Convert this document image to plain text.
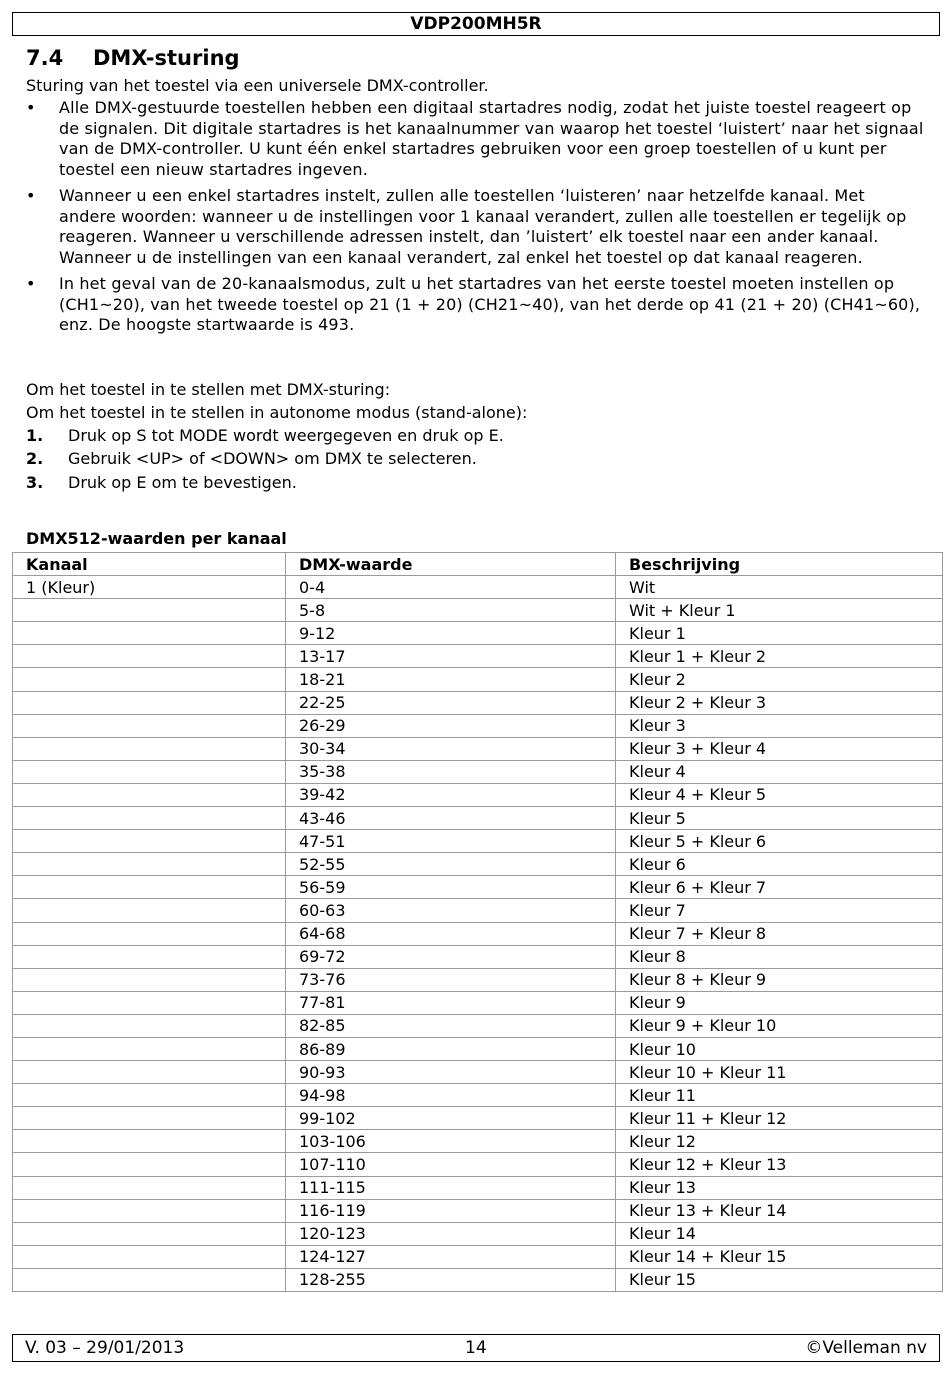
VDP200MH5R
7.4 DMX-sturing
Sturing van het toestel via een universele DMX-controller.
• Alle DMX-gestuurde toestellen hebben een digitaal startadres nodig, zodat het juiste toestel reageert op de signalen. Dit digitale startadres is het kanaalnummer van waarop het toestel ‘luistert’ naar het signaal van de DMX-controller. U kunt één enkel startadres gebruiken voor een groep toestellen of u kunt per toestel een nieuw startadres ingeven.
• Wanneer u een enkel startadres instelt, zullen alle toestellen ‘luisteren’ naar hetzelfde kanaal. Met andere woorden: wanneer u de instellingen voor 1 kanaal verandert, zullen alle toestellen er tegelijk op reageren. Wanneer u verschillende adressen instelt, dan ’luistert’ elk toestel naar een ander kanaal. Wanneer u de instellingen van een kanaal verandert, zal enkel het toestel op dat kanaal reageren.
• In het geval van de 20-kanaalsmodus, zult u het startadres van het eerste toestel moeten instellen op (CH1~20), van het tweede toestel op 21 (1 + 20) (CH21~40), van het derde op 41 (21 + 20) (CH41~60), enz. De hoogste startwaarde is 493.
Om het toestel in te stellen met DMX-sturing:
Om het toestel in te stellen in autonome modus (stand-alone):
1. Druk op S tot MODE wordt weergegeven en druk op E.
2. Gebruik <UP> of <DOWN> om DMX te selecteren.
3. Druk op E om te bevestigen.
DMX512-waarden per kanaal
Kanaal	DMX-waarde	Beschrijving
1 (Kleur)	0-4	Wit
	5-8	Wit + Kleur 1
	9-12	Kleur 1
	13-17	Kleur 1 + Kleur 2
	18-21	Kleur 2
	22-25	Kleur 2 + Kleur 3
	26-29	Kleur 3
	30-34	Kleur 3 + Kleur 4
	35-38	Kleur 4
	39-42	Kleur 4 + Kleur 5
	43-46	Kleur 5
	47-51	Kleur 5 + Kleur 6
	52-55	Kleur 6
	56-59	Kleur 6 + Kleur 7
	60-63	Kleur 7
	64-68	Kleur 7 + Kleur 8
	69-72	Kleur 8
	73-76	Kleur 8 + Kleur 9
	77-81	Kleur 9
	82-85	Kleur 9 + Kleur 10
	86-89	Kleur 10
	90-93	Kleur 10 + Kleur 11
	94-98	Kleur 11
	99-102	Kleur 11 + Kleur 12
	103-106	Kleur 12
	107-110	Kleur 12 + Kleur 13
	111-115	Kleur 13
	116-119	Kleur 13 + Kleur 14
	120-123	Kleur 14
	124-127	Kleur 14 + Kleur 15
	128-255	Kleur 15
V. 03 – 29/01/2013	14	©Velleman nv
